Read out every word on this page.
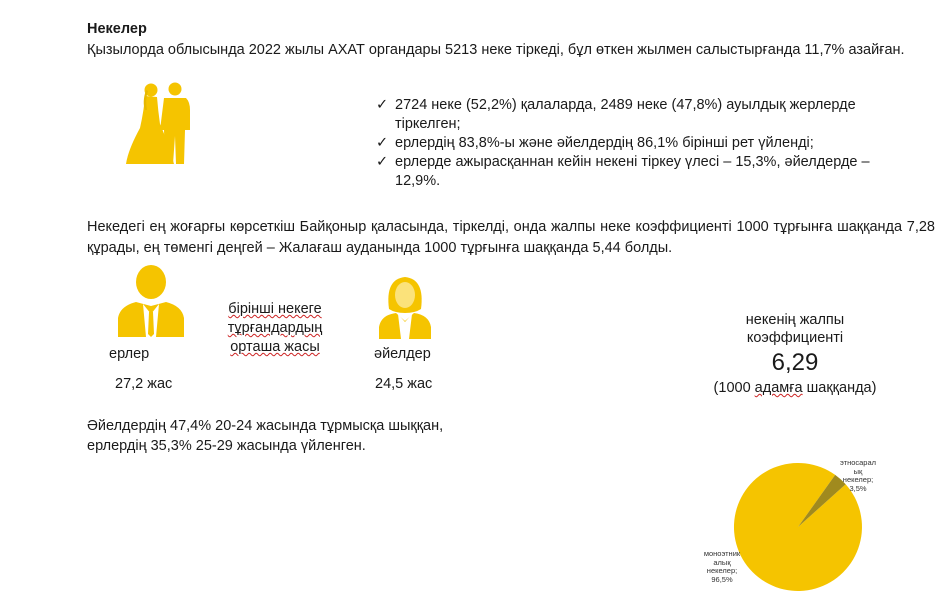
Некелер
Қызылорда облысында 2022 жылы АХАТ органдары 5213 неке тіркеді, бұл өткен жылмен салыстырғанда 11,7% азайған.
✓ 2724 неке (52,2%) қалаларда, 2489 неке (47,8%) ауылдық жерлерде тіркелген;
✓ ерлердің 83,8%-ы және әйелдердің 86,1% бірінші рет үйленді;
✓ ерлерде ажырасқаннан кейін некені тіркеу үлесі – 15,3%, әйелдерде – 12,9%.
Некедегі ең жоғарғы көрсеткіш Байқоныр қаласында, тіркелді, онда жалпы неке коэффициенті 1000 тұрғынға шаққанда 7,28 құрады, ең төменгі деңгей – Жалағаш ауданында 1000 тұрғынға шаққанда 5,44 болды.
ерлер
27,2 жас
бірінші некеге
тұрғандардың
орташа жасы	әйелдер
24,5 жас
Әйелдердің 47,4% 20-24 жасында тұрмысқа шыққан,
ерлердің 35,3% 25-29 жасында үйленген.
некенің жалпы
коэффициенті
6,29
(1000 адамға шаққанда)
этносарал
ық
некелер;
3,5%
моноэтник
алық
некелер;
96,5%
